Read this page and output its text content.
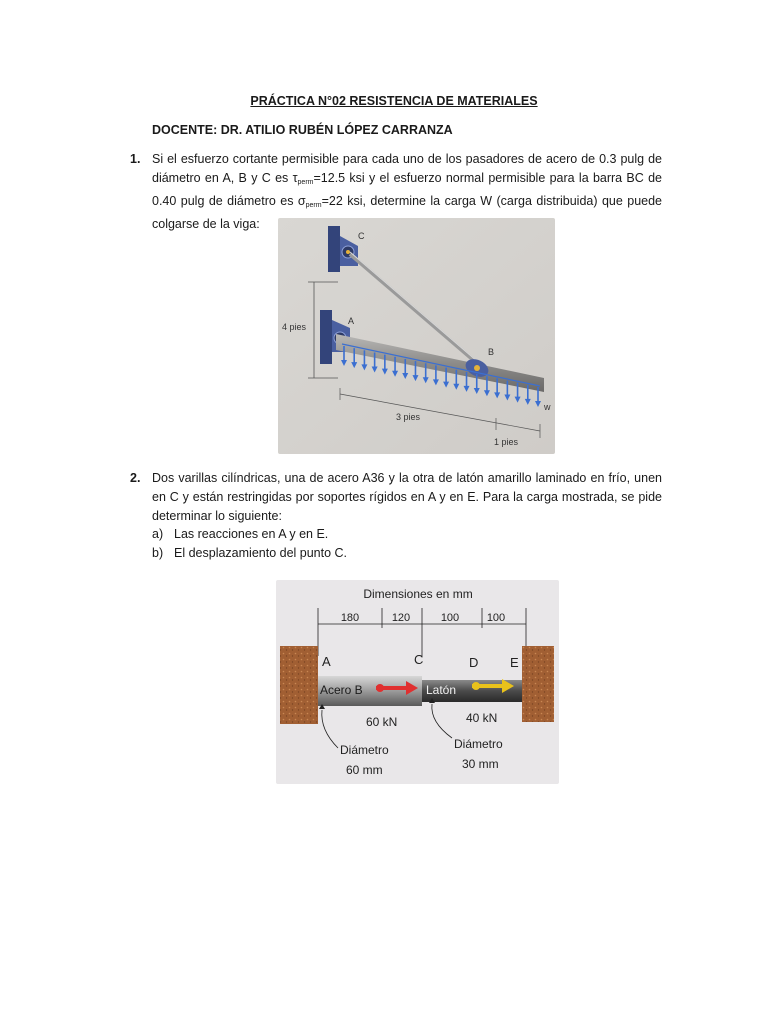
PRÁCTICA N°02 RESISTENCIA DE MATERIALES
DOCENTE: DR. ATILIO RUBÉN LÓPEZ CARRANZA
1. Si el esfuerzo cortante permisible para cada uno de los pasadores de acero de 0.3 pulg de diámetro en A, B y C es $\tau_{perm}=12.5$ ksi y el esfuerzo normal permisible para la barra BC de 0.40 pulg de diámetro es $\sigma_{perm}=22$ ksi, determine la carga W (carga distribuida) que puede colgarse de la viga:
C
A
B
w
4 pies
3 pies
1 pies
2. Dos varillas cilíndricas, una de acero A36 y la otra de latón amarillo laminado en frío, unen en C y están restringidas por soportes rígidos en A y en E. Para la carga mostrada, se pide determinar lo siguiente:
a) Las reacciones en A y en E.
b) El desplazamiento del punto C.
Dimensiones en mm
180	120	100	100
A	C	D E
Acero B	Latón
60 kN	40 kN
Diámetro
60 mm
Diámetro
30 mm
